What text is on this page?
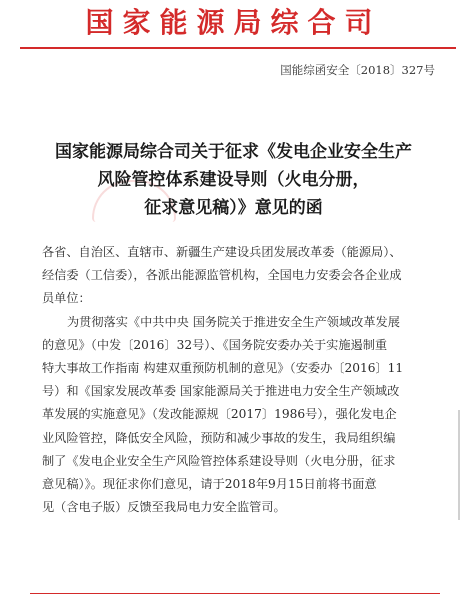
国家能源局综合司
国能综函安全〔2018〕327号
国家能源局综合司关于征求《发电企业安全生产
风险管控体系建设导则（火电分册，
征求意见稿）》意见的函
各省、自治区、直辖市、新疆生产建设兵团发展改革委（能源局）、
经信委（工信委），各派出能源监管机构，全国电力安委会各企业成
员单位：
为贯彻落实《中共中央 国务院关于推进安全生产领域改革发展
的意见》（中发〔2016〕32号）、《国务院安委办关于实施遏制重
特大事故工作指南 构建双重预防机制的意见》（安委办〔2016〕11
号）和《国家发展改革委 国家能源局关于推进电力安全生产领域改
革发展的实施意见》（发改能源规〔2017〕1986号），强化发电企
业风险管控，降低安全风险，预防和减少事故的发生，我局组织编
制了《发电企业安全生产风险管控体系建设导则（火电分册，征求
意见稿）》。现征求你们意见，请于2018年9月15日前将书面意
见（含电子版）反馈至我局电力安全监管司。
